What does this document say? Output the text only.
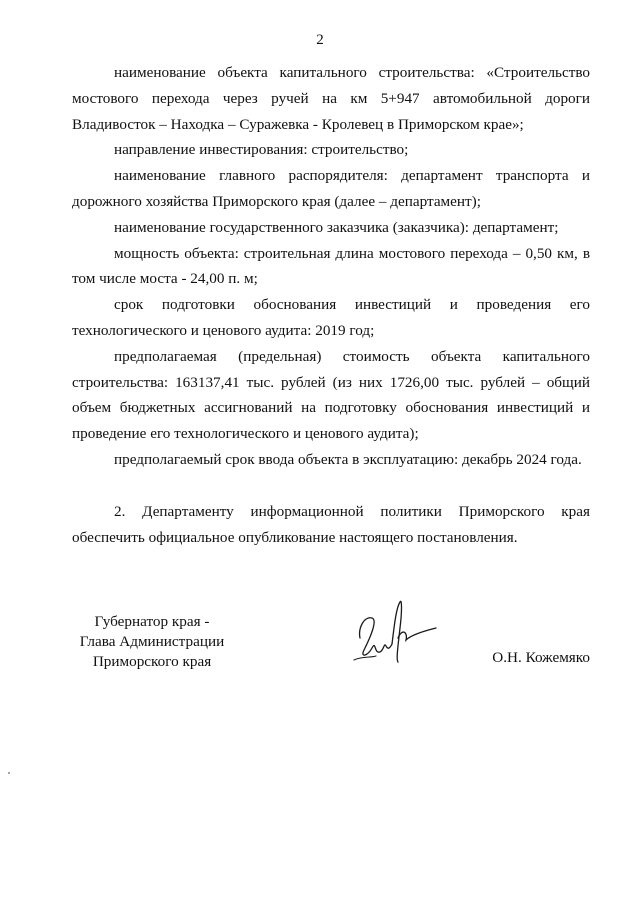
2

наименование объекта капитального строительства: «Строительство мостового перехода через ручей на км 5+947 автомобильной дороги Владивосток – Находка – Суражевка - Кролевец в Приморском крае»;

направление инвестирования: строительство;

наименование главного распорядителя: департамент транспорта и дорожного хозяйства Приморского края (далее – департамент);

наименование государственного заказчика (заказчика): департамент;

мощность объекта: строительная длина мостового перехода – 0,50 км, в том числе моста - 24,00 п. м;

срок подготовки обоснования инвестиций и проведения его технологического и ценового аудита: 2019 год;

предполагаемая (предельная) стоимость объекта капитального строительства: 163137,41 тыс. рублей (из них 1726,00 тыс. рублей – общий объем бюджетных ассигнований на подготовку обоснования инвестиций и проведение его технологического и ценового аудита);

предполагаемый срок ввода объекта в эксплуатацию: декабрь 2024 года.

2. Департаменту информационной политики Приморского края обеспечить официальное опубликование настоящего постановления.

Губернатор края -
Глава Администрации
Приморского края	О.Н. Кожемяко
